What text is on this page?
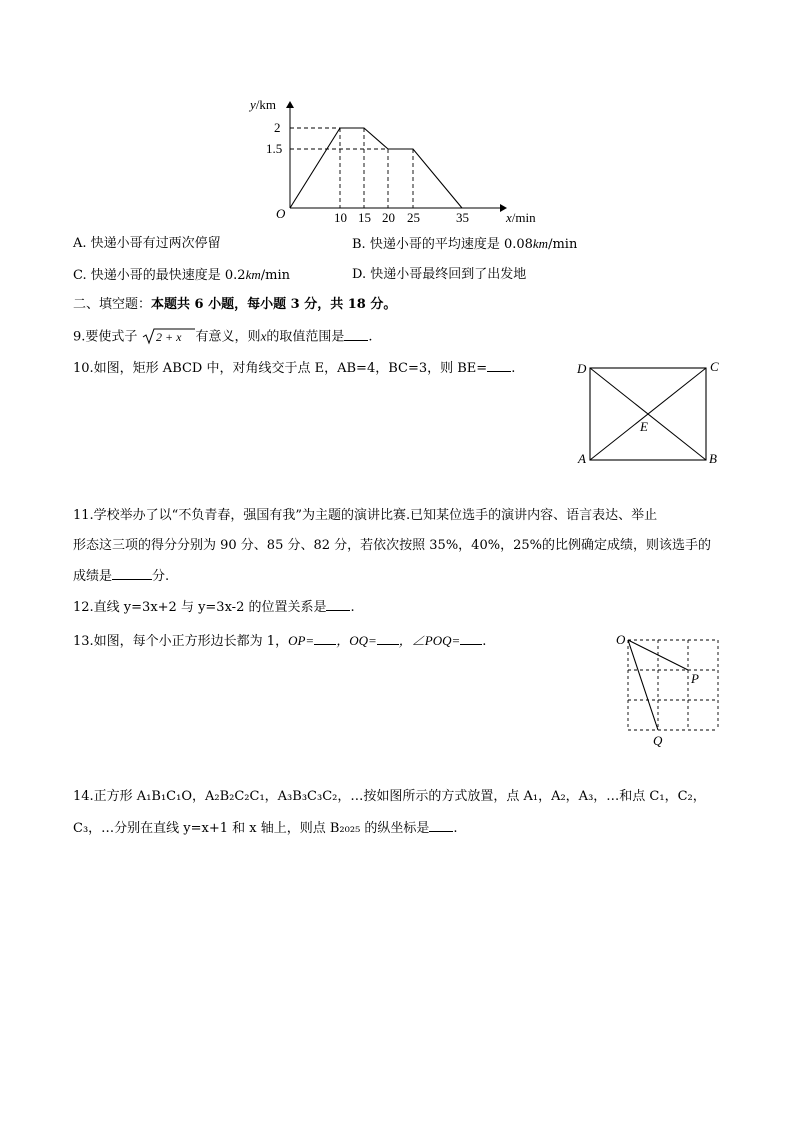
y/km
2
1.5
O	10 15 20 25	35	x/min
A. 快递小哥有过两次停留	B. 快递小哥的平均速度是 0.08km/min
C. 快递小哥的最快速度是 0.2km/min	D. 快递小哥最终回到了出发地
二、填空题：本题共 6 小题，每小题 3 分，共 18 分。
9.要使式子 2 + x 有意义，则x的取值范围是 .
10.如图，矩形 ABCD 中，对角线交于点 E，AB=4，BC=3，则 BE= .	D	C
A	B
E
11.学校举办了以“不负青春，强国有我”为主题的演讲比赛.已知某位选手的演讲内容、语言表达、举止
形态这三项的得分分别为 90 分、85 分、82 分，若依次按照 35%，40%，25%的比例确定成绩，则该选手的
成绩是	分.
12.直线 y=3x+2 与 y=3x-2 的位置关系是 .
13.如图，每个小正方形边长都为 1，OP= ，OQ= ，∠POQ= .	O
P
Q
14.正方形 A₁B₁C₁O，A₂B₂C₂C₁，A₃B₃C₃C₂，…按如图所示的方式放置，点 A₁，A₂，A₃，…和点 C₁，C₂，
C₃，…分别在直线 y=x+1 和 x 轴上，则点 B₂₀₂₅ 的纵坐标是 .
